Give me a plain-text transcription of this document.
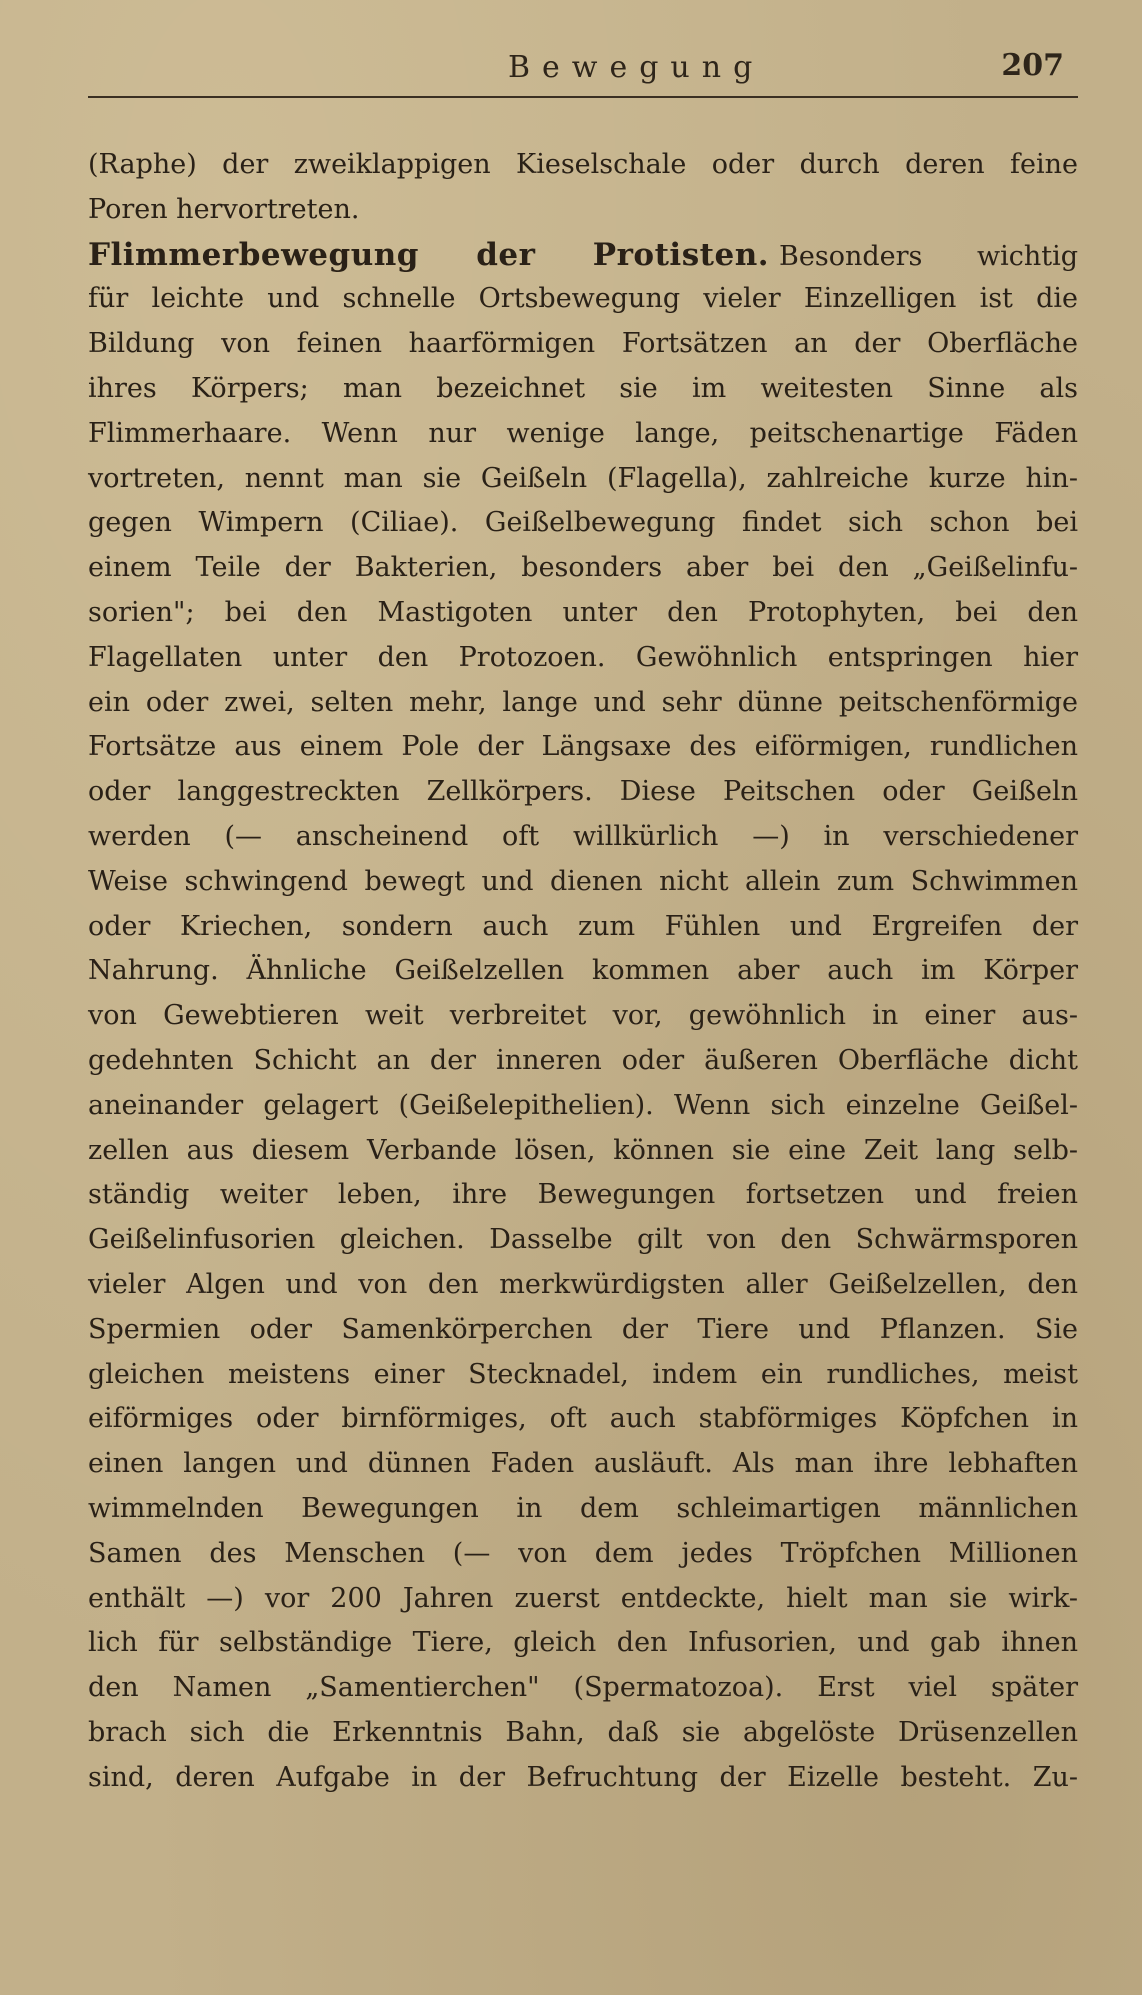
Bewegung	207
(Raphe) der zweiklappigen Kieselschale oder durch deren feine
Poren hervortreten.
Flimmerbewegung der Protisten. Besonders wichtig
für leichte und schnelle Ortsbewegung vieler Einzelligen ist die
Bildung von feinen haarförmigen Fortsätzen an der Oberfläche
ihres Körpers; man bezeichnet sie im weitesten Sinne als
Flimmerhaare. Wenn nur wenige lange, peitschenartige Fäden
vortreten, nennt man sie Geißeln (Flagella), zahlreiche kurze hin-
gegen Wimpern (Ciliae). Geißelbewegung findet sich schon bei
einem Teile der Bakterien, besonders aber bei den „Geißelinfu-
sorien"; bei den Mastigoten unter den Protophyten, bei den
Flagellaten unter den Protozoen. Gewöhnlich entspringen hier
ein oder zwei, selten mehr, lange und sehr dünne peitschenförmige
Fortsätze aus einem Pole der Längsaxe des eiförmigen, rundlichen
oder langgestreckten Zellkörpers. Diese Peitschen oder Geißeln
werden (— anscheinend oft willkürlich —) in verschiedener
Weise schwingend bewegt und dienen nicht allein zum Schwimmen
oder Kriechen, sondern auch zum Fühlen und Ergreifen der
Nahrung. Ähnliche Geißelzellen kommen aber auch im Körper
von Gewebtieren weit verbreitet vor, gewöhnlich in einer aus-
gedehnten Schicht an der inneren oder äußeren Oberfläche dicht
aneinander gelagert (Geißelepithelien). Wenn sich einzelne Geißel-
zellen aus diesem Verbande lösen, können sie eine Zeit lang selb-
ständig weiter leben, ihre Bewegungen fortsetzen und freien
Geißelinfusorien gleichen. Dasselbe gilt von den Schwärmsporen
vieler Algen und von den merkwürdigsten aller Geißelzellen, den
Spermien oder Samenkörperchen der Tiere und Pflanzen. Sie
gleichen meistens einer Stecknadel, indem ein rundliches, meist
eiförmiges oder birnförmiges, oft auch stabförmiges Köpfchen in
einen langen und dünnen Faden ausläuft. Als man ihre lebhaften
wimmelnden Bewegungen in dem schleimartigen männlichen
Samen des Menschen (— von dem jedes Tröpfchen Millionen
enthält —) vor 200 Jahren zuerst entdeckte, hielt man sie wirk-
lich für selbständige Tiere, gleich den Infusorien, und gab ihnen
den Namen „Samentierchen" (Spermatozoa). Erst viel später
brach sich die Erkenntnis Bahn, daß sie abgelöste Drüsenzellen
sind, deren Aufgabe in der Befruchtung der Eizelle besteht. Zu-
